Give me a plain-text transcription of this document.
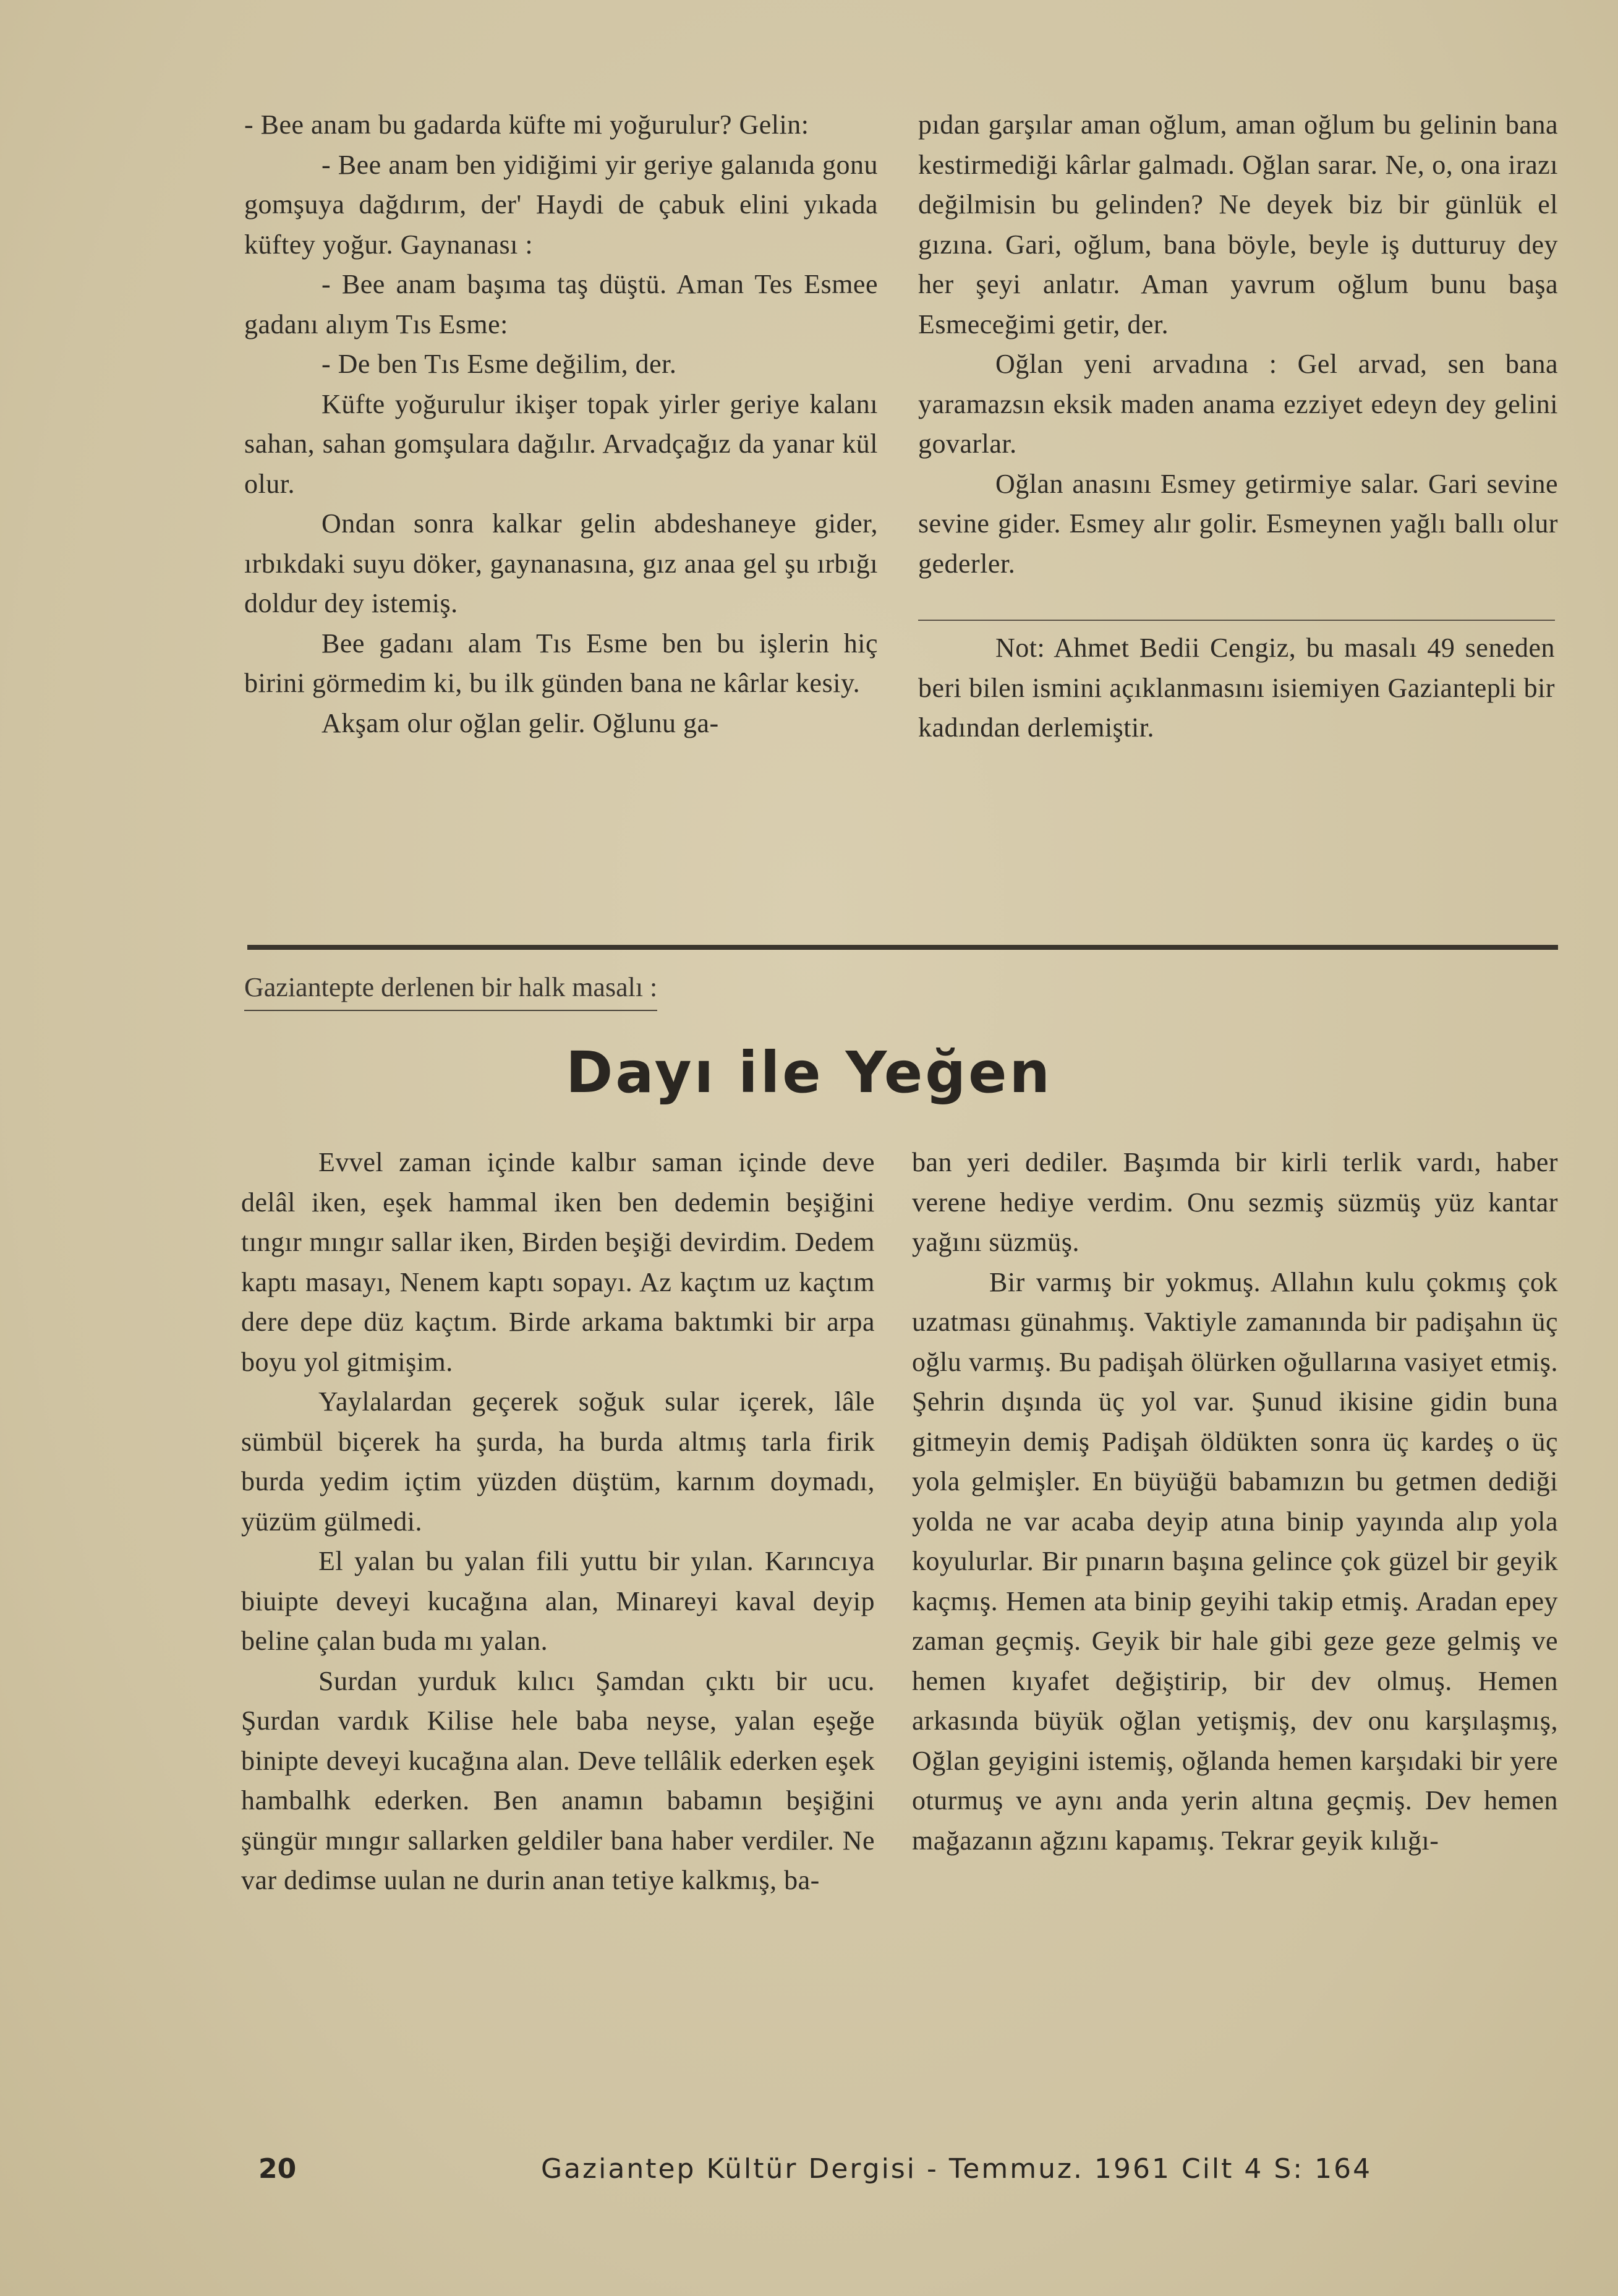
- Bee anam bu gadarda küfte mi yoğurulur? Gelin:

- Bee anam ben yidiğimi yir geriye galanıda gonu gomşuya dağdırım, der' Haydi de çabuk elini yıkada küftey yoğur. Gaynanası :

- Bee anam başıma taş düştü. Aman Tes Esmee gadanı alıym Tıs Esme:

- De ben Tıs Esme değilim, der.

Küfte yoğurulur ikişer topak yirler geriye kalanı sahan, sahan gomşulara dağılır. Arvadçağız da yanar kül olur.

Ondan sonra kalkar gelin abdeshaneye gider, ırbıkdaki suyu döker, gaynanasına, gız anaa gel şu ırbığı doldur dey istemiş.

Bee gadanı alam Tıs Esme ben bu işlerin hiç birini görmedim ki, bu ilk günden bana ne kârlar kesiy.

Akşam olur oğlan gelir. Oğlunu ga-

pıdan garşılar aman oğlum, aman oğlum bu gelinin bana kestirmediği kârlar galmadı. Oğlan sarar. Ne, o, ona irazı değilmisin bu gelinden? Ne deyek biz bir günlük el gızına. Gari, oğlum, bana böyle, beyle iş dutturuy dey her şeyi anlatır. Aman yavrum oğlum bunu başa Esmeceğimi getir, der.

Oğlan yeni arvadına : Gel arvad, sen bana yaramazsın eksik maden anama ezziyet edeyn dey gelini govarlar.

Oğlan anasını Esmey getirmiye salar. Gari sevine sevine gider. Esmey alır golir. Esmeynen yağlı ballı olur gederler.

Not: Ahmet Bedii Cengiz, bu masalı 49 seneden beri bilen ismini açıklanmasını isiemiyen Gaziantepli bir kadından derlemiştir.

Gaziantepte derlenen bir halk masalı :
Dayı ile Yeğen

Evvel zaman içinde kalbır saman içinde deve delâl iken, eşek hammal iken ben dedemin beşiğini tıngır mıngır sallar iken, Birden beşiği devirdim. Dedem kaptı masayı, Nenem kaptı sopayı. Az kaçtım uz kaçtım dere depe düz kaçtım. Birde arkama baktımki bir arpa boyu yol gitmişim.

Yaylalardan geçerek soğuk sular içerek, lâle sümbül biçerek ha şurda, ha burda altmış tarla firik burda yedim içtim yüzden düştüm, karnım doymadı, yüzüm gülmedi.

El yalan bu yalan fili yuttu bir yılan. Karıncıya biuipte deveyi kucağına alan, Minareyi kaval deyip beline çalan buda mı yalan.

Surdan yurduk kılıcı Şamdan çıktı bir ucu. Şurdan vardık Kilise hele baba neyse, yalan eşeğe binipte deveyi kucağına alan. Deve tellâlik ederken eşek hambalhk ederken. Ben anamın babamın beşiğini şüngür mıngır sallarken geldiler bana haber verdiler. Ne var dedimse uulan ne durin anan tetiye kalkmış, ba-

ban yeri dediler. Başımda bir kirli terlik vardı, haber verene hediye verdim. Onu sezmiş süzmüş yüz kantar yağını süzmüş.

Bir varmış bir yokmuş. Allahın kulu çokmış çok uzatması günahmış. Vaktiyle zamanında bir padişahın üç oğlu varmış. Bu padişah ölürken oğullarına vasiyet etmiş. Şehrin dışında üç yol var. Şunud ikisine gidin buna gitmeyin demiş Padişah öldükten sonra üç kardeş o üç yola gelmişler. En büyüğü babamızın bu getmen dediği yolda ne var acaba deyip atına binip yayında alıp yola koyulurlar. Bir pınarın başına gelince çok güzel bir geyik kaçmış. Hemen ata binip geyihi takip etmiş. Aradan epey zaman geçmiş. Geyik bir hale gibi geze geze gelmiş ve hemen kıyafet değiştirip, bir dev olmuş. Hemen arkasında büyük oğlan yetişmiş, dev onu karşılaşmış, Oğlan geyigini istemiş, oğlanda hemen karşıdaki bir yere oturmuş ve aynı anda yerin altına geçmiş. Dev hemen mağazanın ağzını kapamış. Tekrar geyik kılığı-

20	Gaziantep Kültür Dergisi - Temmuz. 1961 Cilt 4 S: 164
